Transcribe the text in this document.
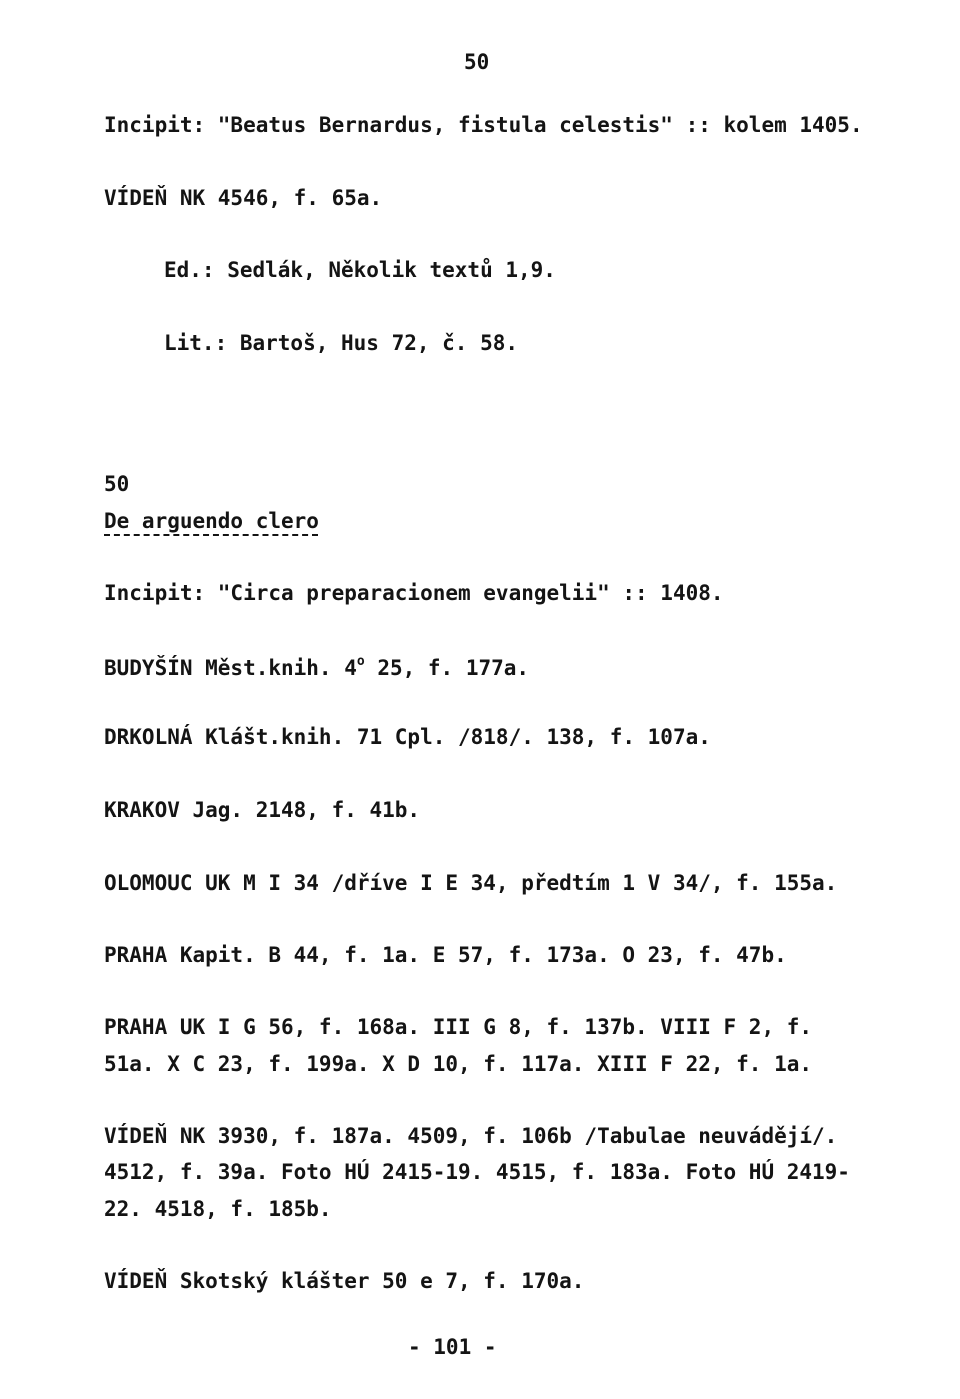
50
Incipit: "Beatus Bernardus, fistula celestis" :: kolem 1405.
VÍDEŇ NK 4546, f. 65a.
Ed.: Sedlák, Několik textů 1,9.
Lit.: Bartoš, Hus 72, č. 58.
50
De arguendo clero
Incipit: "Circa preparacionem evangelii" :: 1408.
BUDYŠÍN Měst.knih. 4$^o$ 25, f. 177a.
DRKOLNÁ Klášt.knih. 71 Cpl. /818/. 138, f. 107a.
KRAKOV Jag. 2148, f. 41b.
OLOMOUC UK M I 34 /dříve I E 34, předtím 1 V 34/, f. 155a.
PRAHA Kapit. B 44, f. 1a. E 57, f. 173a. O 23, f. 47b.
PRAHA UK I G 56, f. 168a. III G 8, f. 137b. VIII F 2, f.
51a. X C 23, f. 199a. X D 10, f. 117a. XIII F 22, f. 1a.
VÍDEŇ NK 3930, f. 187a. 4509, f. 106b /Tabulae neuvádějí/.
4512, f. 39a. Foto HÚ 2415-19. 4515, f. 183a. Foto HÚ 2419-
22. 4518, f. 185b.
VÍDEŇ Skotský klášter 50 e 7, f. 170a.
- 101 -
